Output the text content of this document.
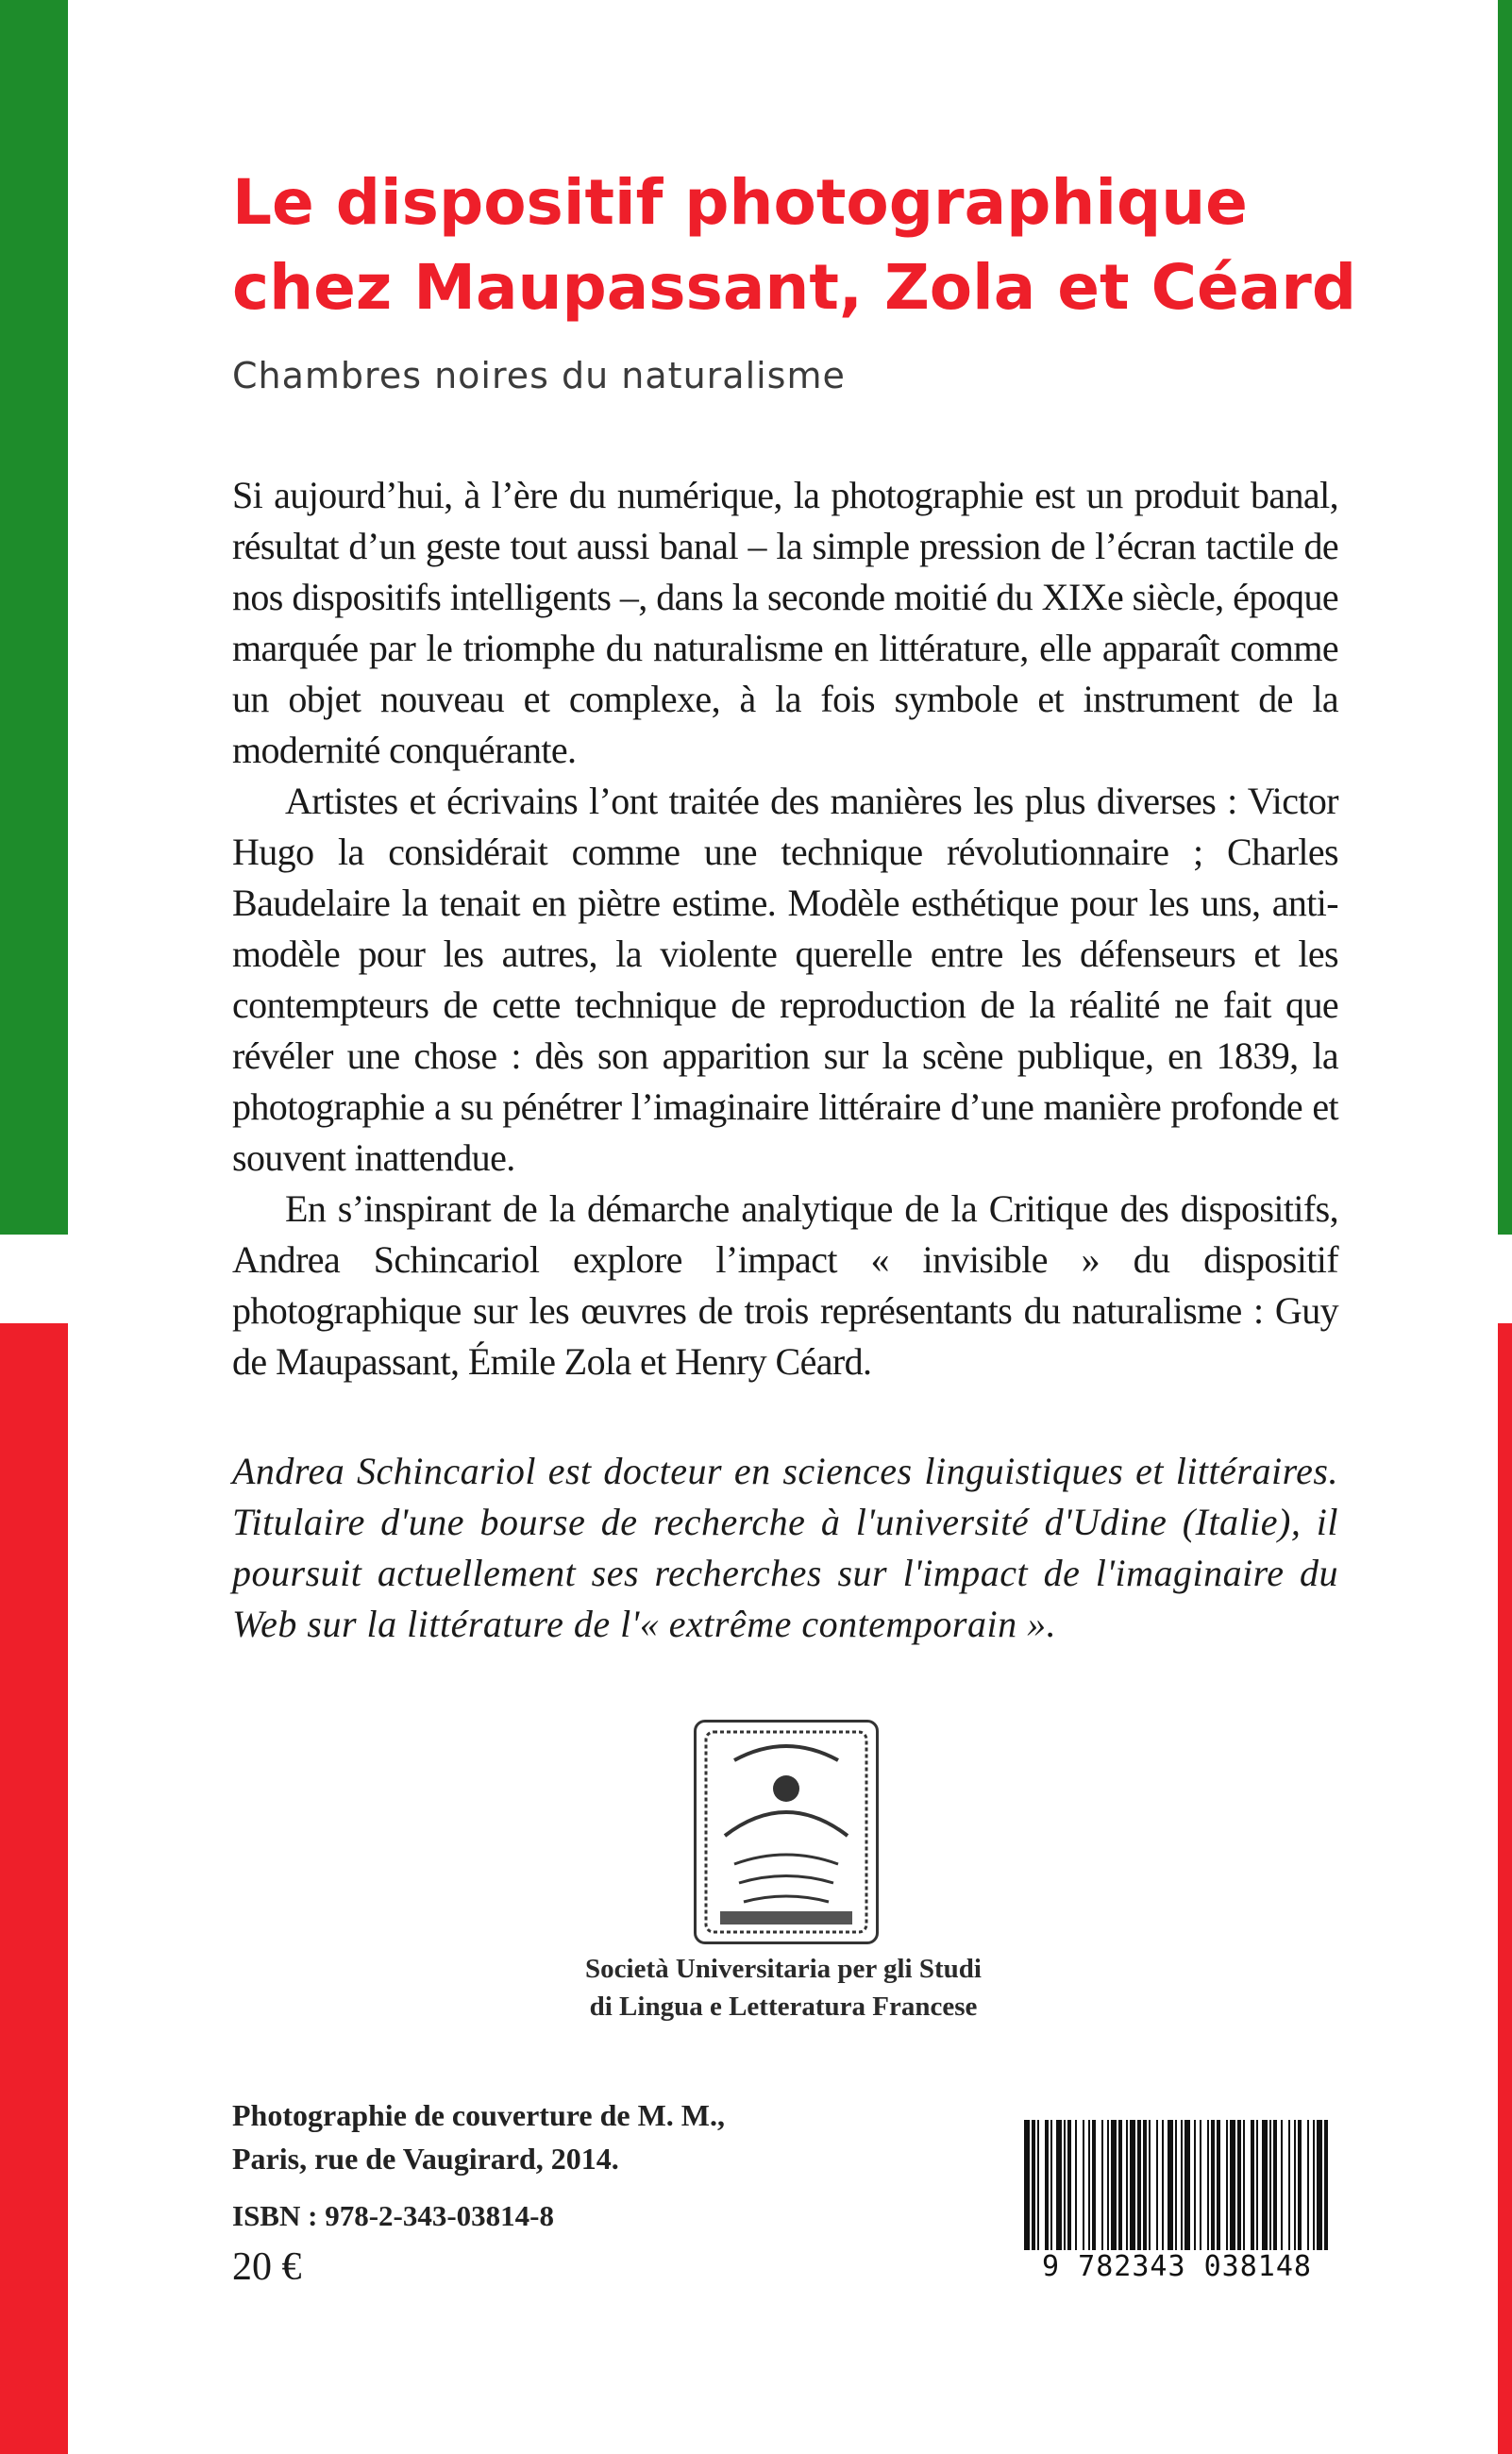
Le dispositif photographique
chez Maupassant, Zola et Céard

Chambres noires du naturalisme

Si aujourd’hui, à l’ère du numérique, la photographie est un produit banal, résultat d’un geste tout aussi banal – la simple pression de l’écran tactile de nos dispositifs intelligents –, dans la seconde moitié du XIXe siècle, époque marquée par le triomphe du naturalisme en littérature, elle apparaît comme un objet nouveau et complexe, à la fois symbole et instrument de la modernité conquérante.

Artistes et écrivains l’ont traitée des manières les plus diverses : Victor Hugo la considérait comme une technique révolutionnaire ; Charles Baudelaire la tenait en piètre estime. Modèle esthétique pour les uns, anti-modèle pour les autres, la violente querelle entre les défenseurs et les contempteurs de cette technique de reproduction de la réalité ne fait que révéler une chose : dès son apparition sur la scène publique, en 1839, la photographie a su pénétrer l’imaginaire littéraire d’une manière profonde et souvent inattendue.

En s’inspirant de la démarche analytique de la Critique des dispositifs, Andrea Schincariol explore l’impact « invisible » du dispositif photographique sur les œuvres de trois représentants du naturalisme : Guy de Maupassant, Émile Zola et Henry Céard.

Andrea Schincariol est docteur en sciences linguistiques et littéraires. Titulaire d'une bourse de recherche à l'université d'Udine (Italie), il poursuit actuellement ses recherches sur l'impact de l'imaginaire du Web sur la littérature de l'« extrême contemporain ».

Società Universitaria per gli Studi
di Lingua e Letteratura Francese
Photographie de couverture de M. M.,
Paris, rue de Vaugirard, 2014.
ISBN : 978-2-343-03814-8
20 €	9 782343 038148
